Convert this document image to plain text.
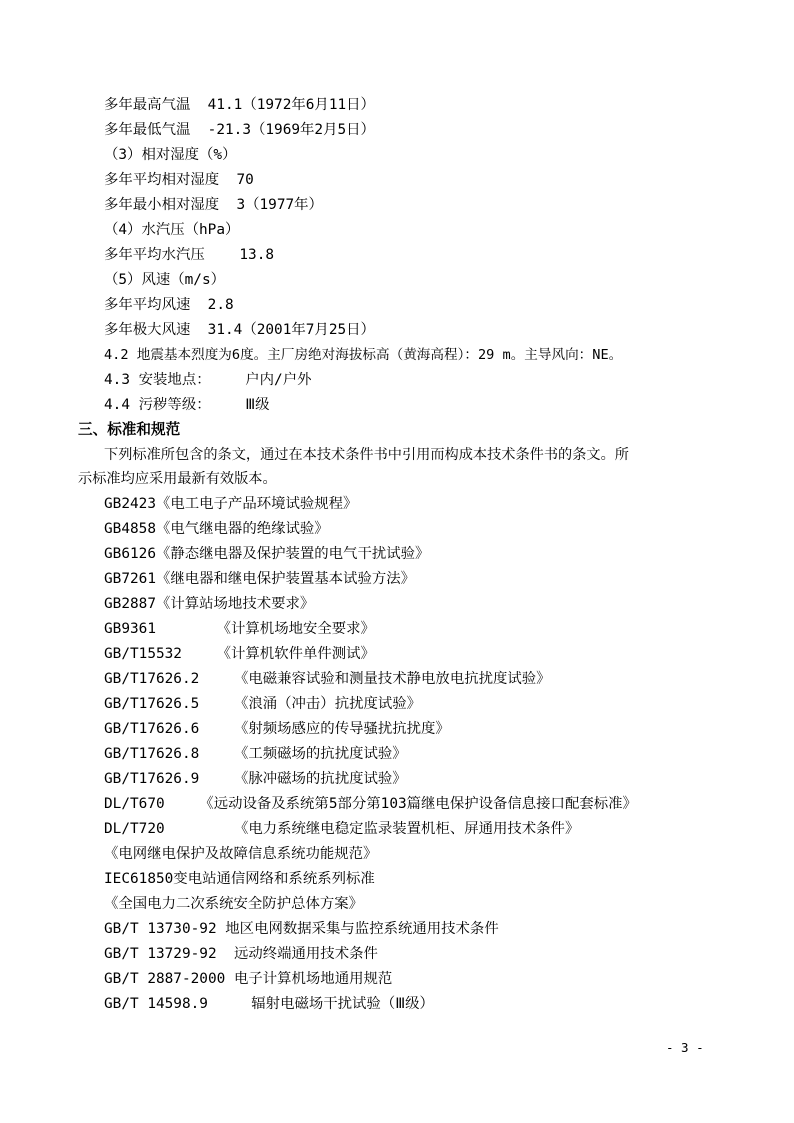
多年最高气温  41.1（1972年6月11日）
多年最低气温  -21.3（1969年2月5日）
（3）相对湿度（%）
多年平均相对湿度  70
多年最小相对湿度  3（1977年）
（4）水汽压（hPa）
多年平均水汽压    13.8
（5）风速（m/s）
多年平均风速  2.8
多年极大风速  31.4（2001年7月25日）
4.2 地震基本烈度为6度。主厂房绝对海拔标高（黄海高程）：29 m。主导风向：NE。
4.3 安装地点：    户内/户外
4.4 污秽等级：    Ⅲ级
三、标准和规范
下列标准所包含的条文，通过在本技术条件书中引用而构成本技术条件书的条文。所
示标准均应采用最新有效版本。
GB2423《电工电子产品环境试验规程》
GB4858《电气继电器的绝缘试验》
GB6126《静态继电器及保护装置的电气干扰试验》
GB7261《继电器和继电保护装置基本试验方法》
GB2887《计算站场地技术要求》
GB9361       《计算机场地安全要求》
GB/T15532    《计算机软件单件测试》
GB/T17626.2    《电磁兼容试验和测量技术静电放电抗扰度试验》
GB/T17626.5    《浪涌（冲击）抗扰度试验》
GB/T17626.6    《射频场感应的传导骚扰抗扰度》
GB/T17626.8    《工频磁场的抗扰度试验》
GB/T17626.9    《脉冲磁场的抗扰度试验》
DL/T670    《远动设备及系统第5部分第103篇继电保护设备信息接口配套标准》
DL/T720        《电力系统继电稳定监录装置机柜、屏通用技术条件》
《电网继电保护及故障信息系统功能规范》
IEC61850变电站通信网络和系统系列标准
《全国电力二次系统安全防护总体方案》
GB/T 13730-92 地区电网数据采集与监控系统通用技术条件
GB/T 13729-92  远动终端通用技术条件
GB/T 2887-2000 电子计算机场地通用规范
GB/T 14598.9     辐射电磁场干扰试验（Ⅲ级）
- 3 -
